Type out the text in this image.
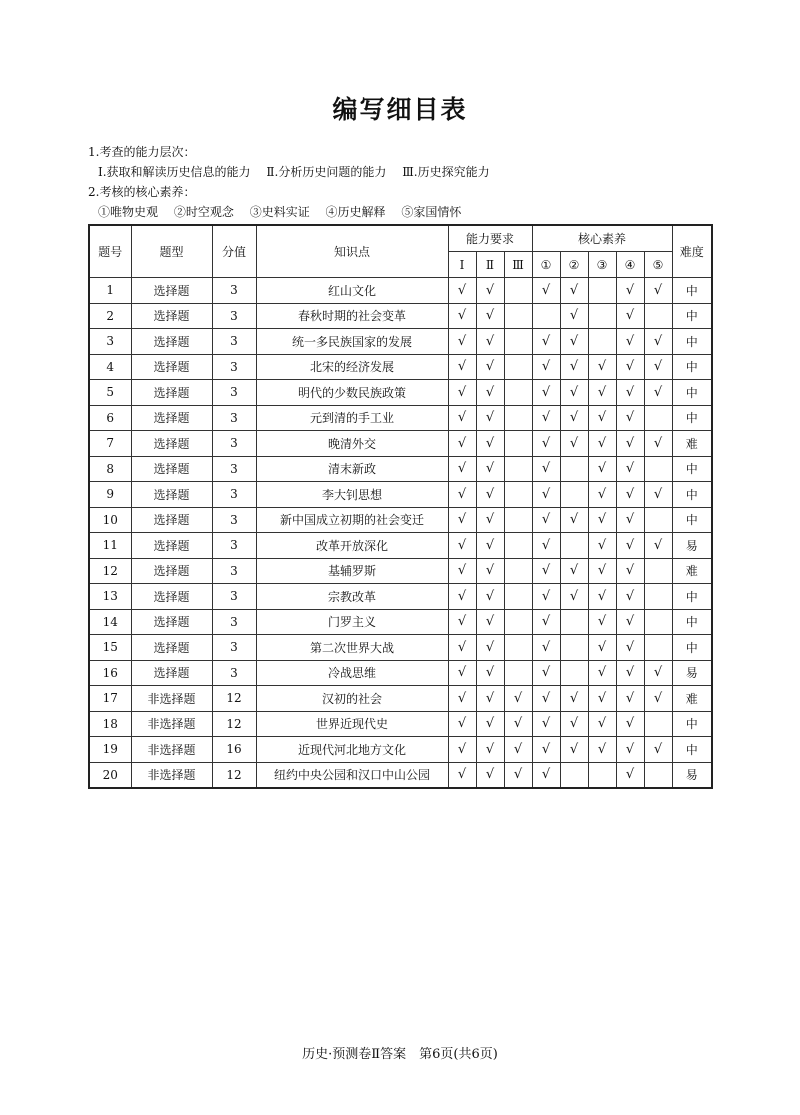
编写细目表
1.考查的能力层次：
Ⅰ.获取和解读历史信息的能力 Ⅱ.分析历史问题的能力 Ⅲ.历史探究能力
2.考核的核心素养：
①唯物史观 ②时空观念 ③史料实证 ④历史解释 ⑤家国情怀
题号	题型	分值	知识点	能力要求			核心素养					难度
				Ⅰ	Ⅱ	Ⅲ	①	②	③	④	⑤	
1	选择题	3	红山文化	√	√		√	√		√	√	中
2	选择题	3	春秋时期的社会变革	√	√			√		√		中
3	选择题	3	统一多民族国家的发展	√	√		√	√		√	√	中
4	选择题	3	北宋的经济发展	√	√		√	√	√	√	√	中
5	选择题	3	明代的少数民族政策	√	√		√	√	√	√	√	中
6	选择题	3	元到清的手工业	√	√		√	√	√	√		中
7	选择题	3	晚清外交	√	√		√	√	√	√	√	难
8	选择题	3	清末新政	√	√		√		√	√		中
9	选择题	3	李大钊思想	√	√		√		√	√	√	中
10	选择题	3	新中国成立初期的社会变迁	√	√		√	√	√	√		中
11	选择题	3	改革开放深化	√	√		√		√	√	√	易
12	选择题	3	基辅罗斯	√	√		√	√	√	√		难
13	选择题	3	宗教改革	√	√		√	√	√	√		中
14	选择题	3	门罗主义	√	√		√		√	√		中
15	选择题	3	第二次世界大战	√	√		√		√	√		中
16	选择题	3	冷战思维	√	√		√		√	√	√	易
17	非选择题	12	汉初的社会	√	√	√	√	√	√	√	√	难
18	非选择题	12	世界近现代史	√	√	√	√	√	√	√		中
19	非选择题	16	近现代河北地方文化	√	√	√	√	√	√	√	√	中
20	非选择题	12	纽约中央公园和汉口中山公园	√	√	√	√			√		易
历史·预测卷Ⅱ答案　第6页(共6页)
